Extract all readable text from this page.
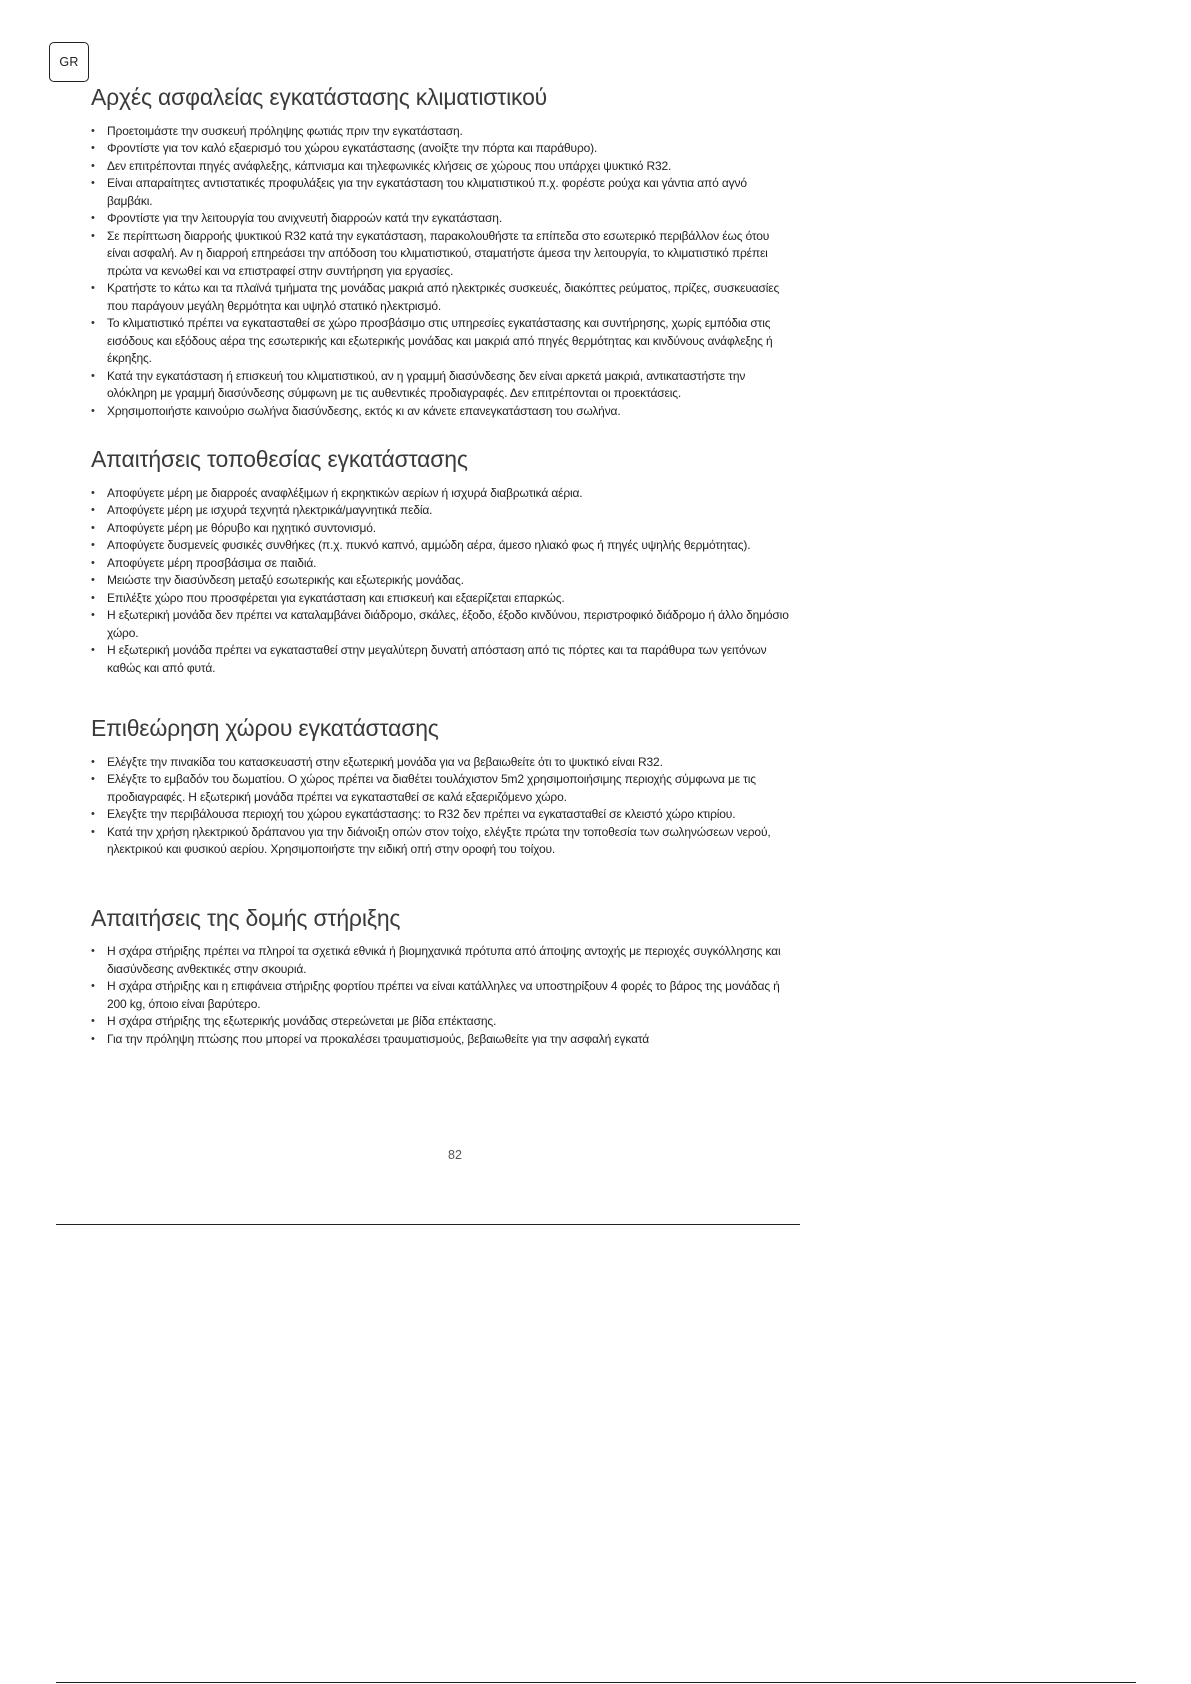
GR
Αρχές ασφαλείας εγκατάστασης κλιματιστικού
• Προετοιμάστε την συσκευή πρόληψης φωτιάς πριν την εγκατάσταση.
• Φροντίστε για τον καλό εξαερισμό του χώρου εγκατάστασης (ανοίξτε την πόρτα και παράθυρο).
• Δεν επιτρέπονται πηγές ανάφλεξης, κάπνισμα και τηλεφωνικές κλήσεις σε χώρους που υπάρχει ψυκτικό R32.
• Είναι απαραίτητες αντιστατικές προφυλάξεις για την εγκατάσταση του κλιματιστικού π.χ. φορέστε ρούχα και γάντια από αγνό βαμβάκι.
• Φροντίστε για την λειτουργία του ανιχνευτή διαρροών κατά την εγκατάσταση.
• Σε περίπτωση διαρροής ψυκτικού R32 κατά την εγκατάσταση, παρακολουθήστε τα επίπεδα στο εσωτερικό περιβάλλον έως ότου είναι ασφαλή. Αν η διαρροή επηρεάσει την απόδοση του κλιματιστικού, σταματήστε άμεσα την λειτουργία, το κλιματιστικό πρέπει πρώτα να κενωθεί και να επιστραφεί στην συντήρηση για εργασίες.
• Κρατήστε το κάτω και τα πλαϊνά τμήματα της μονάδας μακριά από ηλεκτρικές συσκευές, διακόπτες ρεύματος, πρίζες, συσκευασίες που παράγουν μεγάλη θερμότητα και υψηλό στατικό ηλεκτρισμό.
• Το κλιματιστικό πρέπει να εγκατασταθεί σε χώρο προσβάσιμο στις υπηρεσίες εγκατάστασης και συντήρησης, χωρίς εμπόδια στις εισόδους και εξόδους αέρα της εσωτερικής και εξωτερικής μονάδας και μακριά από πηγές θερμότητας και κινδύνους ανάφλεξης ή έκρηξης.
• Κατά την εγκατάσταση ή επισκευή του κλιματιστικού, αν η γραμμή διασύνδεσης δεν είναι αρκετά μακριά, αντικαταστήστε την ολόκληρη με γραμμή διασύνδεσης σύμφωνη με τις αυθεντικές προδιαγραφές. Δεν επιτρέπονται οι προεκτάσεις.
• Χρησιμοποιήστε καινούριο σωλήνα διασύνδεσης, εκτός κι αν κάνετε επανεγκατάσταση του σωλήνα.
Απαιτήσεις τοποθεσίας εγκατάστασης
• Αποφύγετε μέρη με διαρροές αναφλέξιμων ή εκρηκτικών αερίων ή ισχυρά διαβρωτικά αέρια.
• Αποφύγετε μέρη με ισχυρά τεχνητά ηλεκτρικά/μαγνητικά πεδία.
• Αποφύγετε μέρη με θόρυβο και ηχητικό συντονισμό.
• Αποφύγετε δυσμενείς φυσικές συνθήκες (π.χ. πυκνό καπνό, αμμώδη αέρα, άμεσο ηλιακό φως ή πηγές υψηλής θερμότητας).
• Αποφύγετε μέρη προσβάσιμα σε παιδιά.
• Μειώστε την διασύνδεση μεταξύ εσωτερικής και εξωτερικής μονάδας.
• Επιλέξτε χώρο που προσφέρεται για εγκατάσταση και επισκευή και εξαερίζεται επαρκώς.
• Η εξωτερική μονάδα δεν πρέπει να καταλαμβάνει διάδρομο, σκάλες, έξοδο, έξοδο κινδύνου, περιστροφικό διάδρομο ή άλλο δημόσιο χώρο.
• Η εξωτερική μονάδα πρέπει να εγκατασταθεί στην μεγαλύτερη δυνατή απόσταση από τις πόρτες και τα παράθυρα των γειτόνων καθώς και από φυτά.
Επιθεώρηση χώρου εγκατάστασης
• Ελέγξτε την πινακίδα του κατασκευαστή στην εξωτερική μονάδα για να βεβαιωθείτε ότι το ψυκτικό είναι R32.
• Ελέγξτε το εμβαδόν του δωματίου. Ο χώρος πρέπει να διαθέτει τουλάχιστον 5m2 χρησιμοποιήσιμης περιοχής σύμφωνα με τις προδιαγραφές. Η εξωτερική μονάδα πρέπει να εγκατασταθεί σε καλά εξαεριζόμενο χώρο.
• Ελεγξτε την περιβάλουσα περιοχή του χώρου εγκατάστασης: το R32 δεν πρέπει να εγκατασταθεί σε κλειστό χώρο κτιρίου.
• Κατά την χρήση ηλεκτρικού δράπανου για την διάνοιξη οπών στον τοίχο, ελέγξτε πρώτα την τοποθεσία των σωληνώσεων νερού, ηλεκτρικού και φυσικού αερίου. Χρησιμοποιήστε την ειδική οπή στην οροφή του τοίχου.
Απαιτήσεις της δομής στήριξης
• Η σχάρα στήριξης πρέπει να πληροί τα σχετικά εθνικά ή βιομηχανικά πρότυπα από άποψης αντοχής με περιοχές συγκόλλησης και διασύνδεσης ανθεκτικές στην σκουριά.
• Η σχάρα στήριξης και η επιφάνεια στήριξης φορτίου πρέπει να είναι κατάλληλες να υποστηρίξουν 4 φορές το βάρος της μονάδας ή 200 kg, όποιο είναι βαρύτερο.
• Η σχάρα στήριξης της εξωτερικής μονάδας στερεώνεται με βίδα επέκτασης.
• Για την πρόληψη πτώσης που μπορεί να προκαλέσει τραυματισμούς, βεβαιωθείτε για την ασφαλή εγκατά
82
